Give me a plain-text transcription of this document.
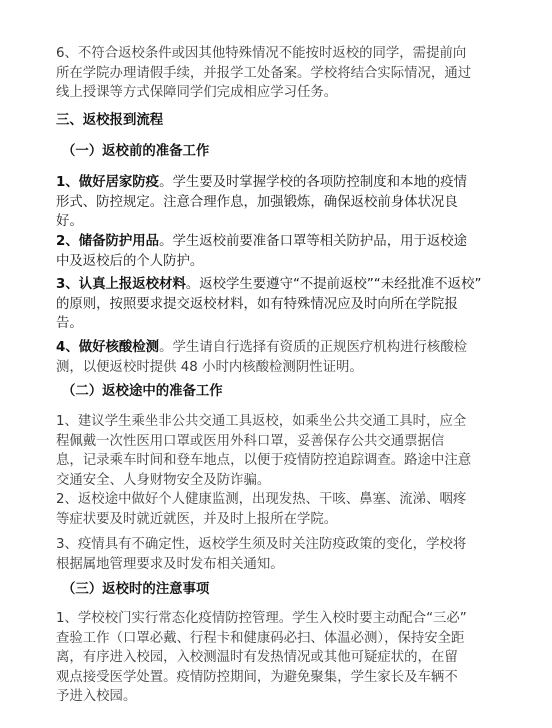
6、不符合返校条件或因其他特殊情况不能按时返校的同学，需提前向
所在学院办理请假手续，并报学工处备案。学校将结合实际情况，通过
线上授课等方式保障同学们完成相应学习任务。
三、返校报到流程
（一）返校前的准备工作
1、做好居家防疫。学生要及时掌握学校的各项防控制度和本地的疫情
形式、防控规定。注意合理作息，加强锻炼，确保返校前身体状况良
好。
2、储备防护用品。学生返校前要准备口罩等相关防护品，用于返校途
中及返校后的个人防护。
3、认真上报返校材料。返校学生要遵守“不提前返校”“未经批准不返校”
的原则，按照要求提交返校材料，如有特殊情况应及时向所在学院报
告。
4、做好核酸检测。学生请自行选择有资质的正规医疗机构进行核酸检
测，以便返校时提供 48 小时内核酸检测阴性证明。
（二）返校途中的准备工作
1、建议学生乘坐非公共交通工具返校，如乘坐公共交通工具时，应全
程佩戴一次性医用口罩或医用外科口罩，妥善保存公共交通票据信
息，记录乘车时间和登车地点，以便于疫情防控追踪调查。路途中注意
交通安全、人身财物安全及防诈骗。
2、返校途中做好个人健康监测，出现发热、干咳、鼻塞、流涕、咽疼
等症状要及时就近就医，并及时上报所在学院。
3、疫情具有不确定性，返校学生须及时关注防疫政策的变化，学校将
根据属地管理要求及时发布相关通知。
（三）返校时的注意事项
1、学校校门实行常态化疫情防控管理。学生入校时要主动配合“三必”
查验工作（口罩必戴、行程卡和健康码必扫、体温必测），保持安全距
离，有序进入校园，入校测温时有发热情况或其他可疑症状的，在留
观点接受医学处置。疫情防控期间，为避免聚集，学生家长及车辆不
予进入校园。
